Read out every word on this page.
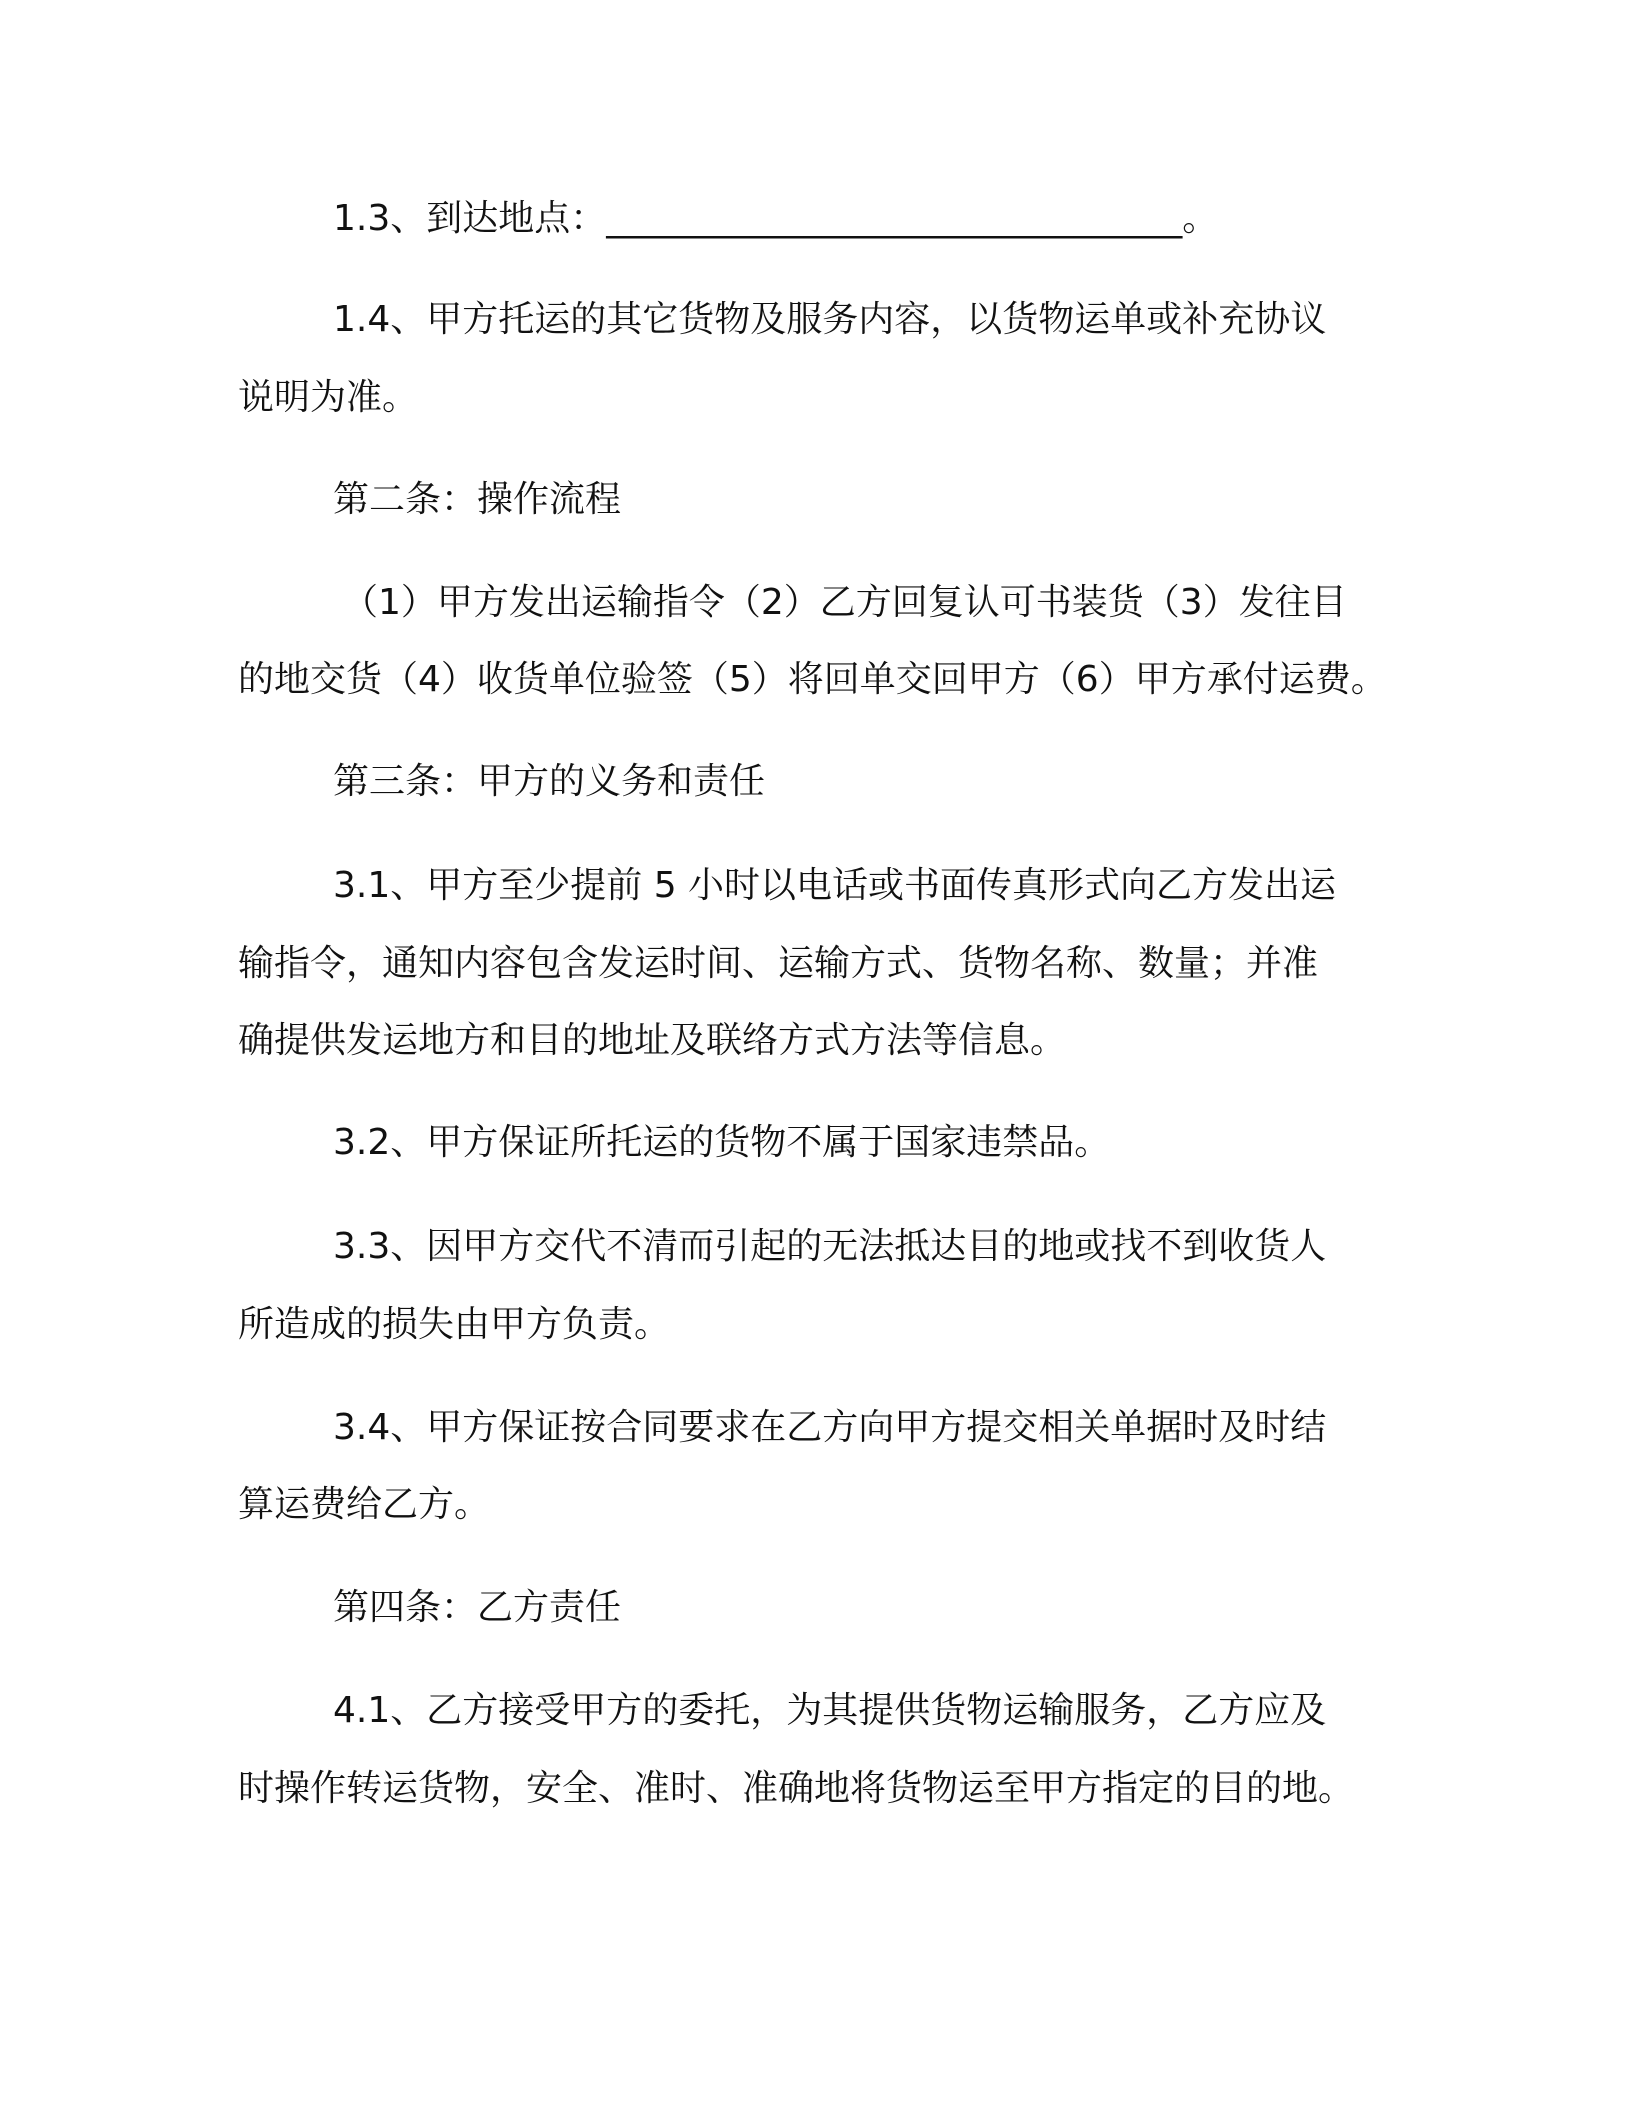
1.3、到达地点：________________________________。
1.4、甲方托运的其它货物及服务内容，以货物运单或补充协议
说明为准。
第二条：操作流程
（1）甲方发出运输指令（2）乙方回复认可书装货（3）发往目
的地交货（4）收货单位验签（5）将回单交回甲方（6）甲方承付运费。
第三条：甲方的义务和责任
3.1、甲方至少提前 5 小时以电话或书面传真形式向乙方发出运
输指令，通知内容包含发运时间、运输方式、货物名称、数量；并准
确提供发运地方和目的地址及联络方式方法等信息。
3.2、甲方保证所托运的货物不属于国家违禁品。
3.3、因甲方交代不清而引起的无法抵达目的地或找不到收货人
所造成的损失由甲方负责。
3.4、甲方保证按合同要求在乙方向甲方提交相关单据时及时结
算运费给乙方。
第四条：乙方责任
4.1、乙方接受甲方的委托，为其提供货物运输服务，乙方应及
时操作转运货物，安全、准时、准确地将货物运至甲方指定的目的地。
